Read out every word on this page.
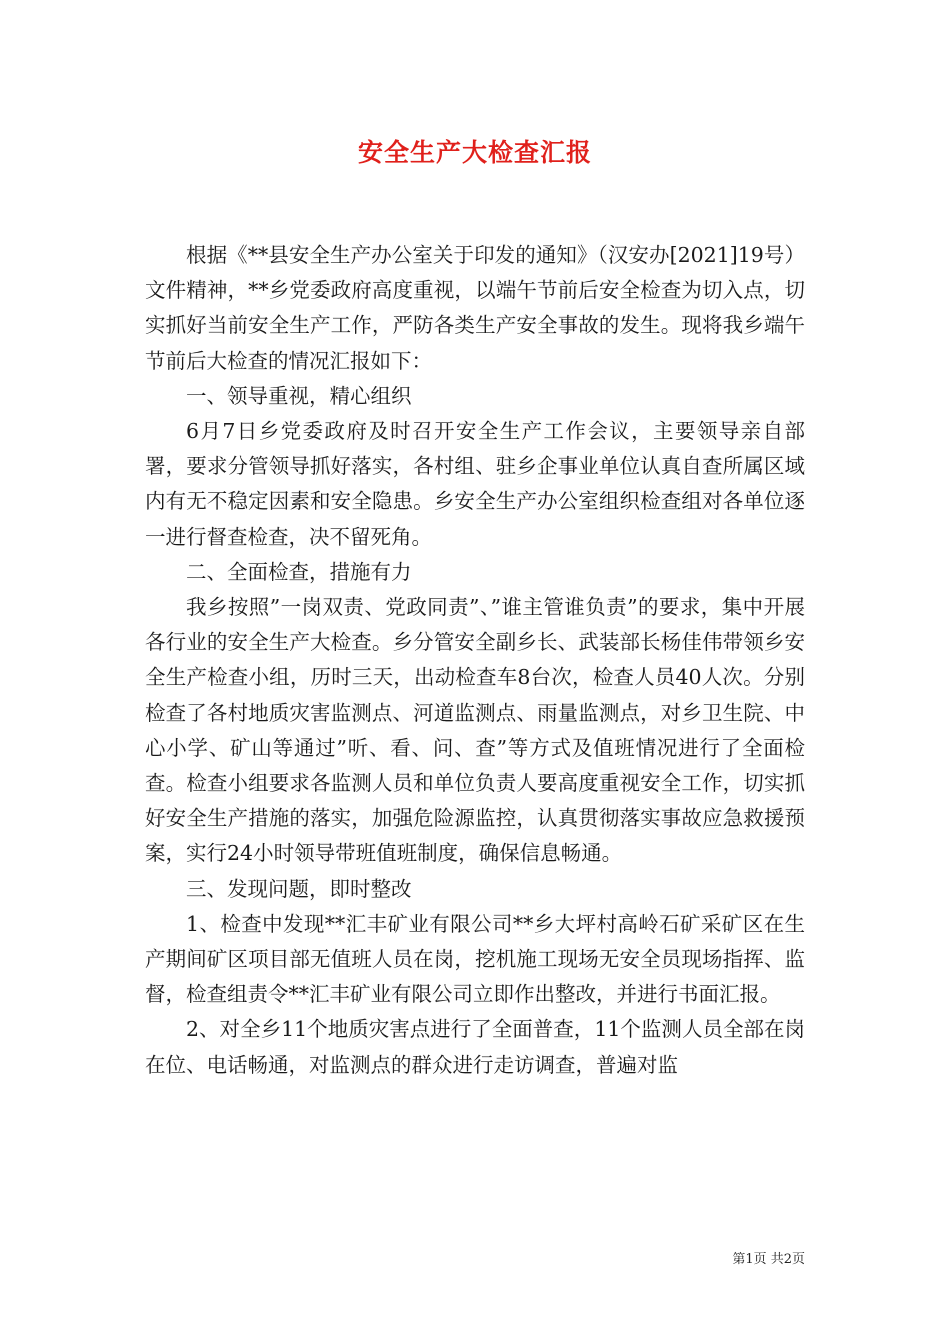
安全生产大检查汇报

根据《**县安全生产办公室关于印发的通知》（汉安办[2021]19号）文件精神，**乡党委政府高度重视，以端午节前后安全检查为切入点，切实抓好当前安全生产工作，严防各类生产安全事故的发生。现将我乡端午节前后大检查的情况汇报如下：

一、领导重视，精心组织

6月7日乡党委政府及时召开安全生产工作会议，主要领导亲自部署，要求分管领导抓好落实，各村组、驻乡企事业单位认真自查所属区域内有无不稳定因素和安全隐患。乡安全生产办公室组织检查组对各单位逐一进行督查检查，决不留死角。

二、全面检查，措施有力

我乡按照”一岗双责、党政同责”、”谁主管谁负责”的要求，集中开展各行业的安全生产大检查。乡分管安全副乡长、武装部长杨佳伟带领乡安全生产检查小组，历时三天，出动检查车8台次，检查人员40人次。分别检查了各村地质灾害监测点、河道监测点、雨量监测点，对乡卫生院、中心小学、矿山等通过”听、看、问、查”等方式及值班情况进行了全面检查。检查小组要求各监测人员和单位负责人要高度重视安全工作，切实抓好安全生产措施的落实，加强危险源监控，认真贯彻落实事故应急救援预案，实行24小时领导带班值班制度，确保信息畅通。

三、发现问题，即时整改

1、检查中发现**汇丰矿业有限公司**乡大坪村高岭石矿采矿区在生产期间矿区项目部无值班人员在岗，挖机施工现场无安全员现场指挥、监督，检查组责令**汇丰矿业有限公司立即作出整改，并进行书面汇报。

2、对全乡11个地质灾害点进行了全面普查，11个监测人员全部在岗在位、电话畅通，对监测点的群众进行走访调查，普遍对监

第1页 共2页
